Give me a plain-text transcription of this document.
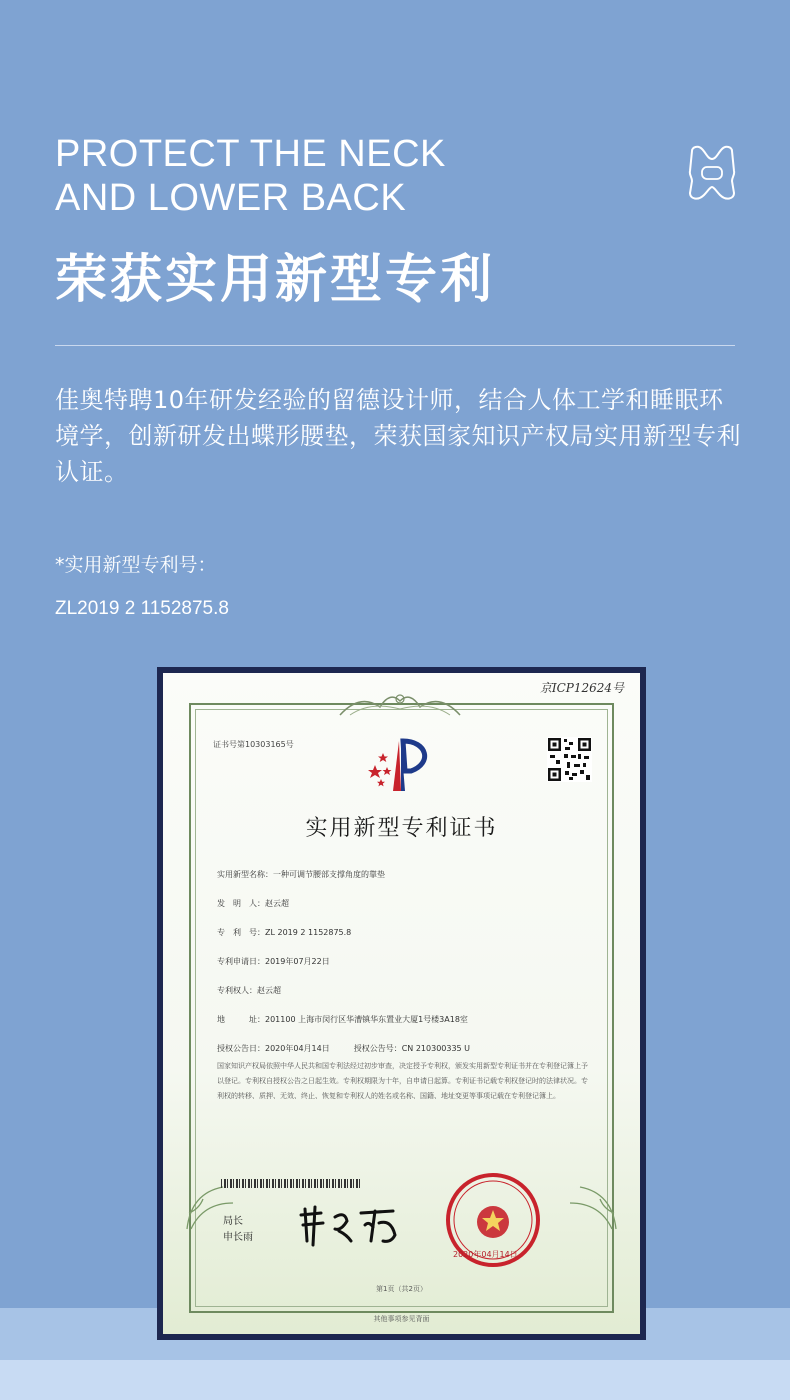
PROTECT THE NECK
AND LOWER BACK
荣获实用新型专利
佳奥特聘10年研发经验的留德设计师，结合人体工学和睡眠环境学，创新研发出蝶形腰垫，荣获国家知识产权局实用新型专利认证。
*实用新型专利号：
ZL2019 2 1152875.8
京ICP12624号
证书号第10303165号
实用新型专利证书
实用新型名称：一种可调节腰部支撑角度的靠垫
发　明　人：赵云超
专　利　号：ZL 2019 2 1152875.8
专利申请日：2019年07月22日
专利权人：赵云超
地　　　址：201100 上海市闵行区华漕镇华东置业大厦1号楼3A18室
授权公告日：2020年04月14日　　　授权公告号：CN 210300335 U
国家知识产权局依照中华人民共和国专利法经过初步审查，决定授予专利权，颁发实用新型专利证书并在专利登记簿上予以登记。专利权自授权公告之日起生效。专利权期限为十年，自申请日起算。专利证书记载专利权登记时的法律状况。专利权的转移、质押、无效、终止、恢复和专利权人的姓名或名称、国籍、地址变更等事项记载在专利登记簿上。
局长
申长雨
2020年04月14日
第1页（共2页）
其他事项参见背面
